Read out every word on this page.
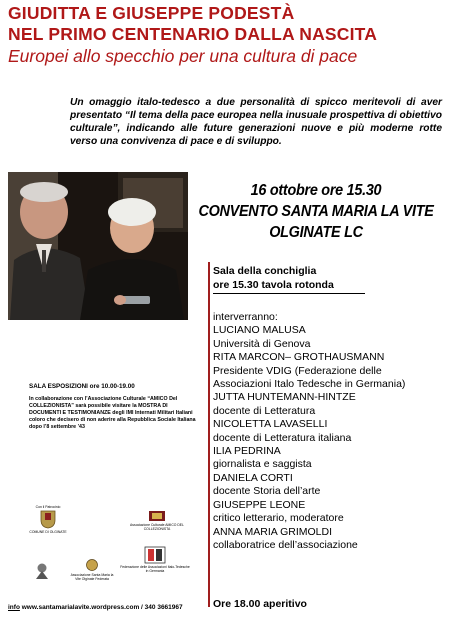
GIUDITTA E GIUSEPPE PODESTÀ
NEL PRIMO CENTENARIO DALLA NASCITA
Europei allo specchio per una cultura di pace
Un omaggio italo-tedesco a due personalità di spicco meritevoli di aver presentato “Il tema della pace europea nella inusuale prospettiva di obiettivo culturale”, indicando alle future generazioni nuove e più moderne rotte verso una convivenza di pace e di sviluppo.
16 ottobre ore 15.30
CONVENTO SANTA MARIA LA VITE
OLGINATE LC
Sala della conchiglia
ore 15.30 tavola rotonda
interverranno:
LUCIANO MALUSA
Università di Genova
RITA MARCON– GROTHAUSMANN
Presidente VDIG (Federazione delle
Associazioni Italo Tedesche in Germania)
JUTTA HUNTEMANN-HINTZE
docente di Letteratura
NICOLETTA LAVASELLI
docente di Letteratura italiana
ILIA PEDRINA
giornalista e saggista
DANIELA CORTI
docente Storia dell’arte
GIUSEPPE LEONE
critico letterario, moderatore
ANNA MARIA GRIMOLDI
collaboratrice dell’associazione
Ore 18.00 aperitivo
SALA ESPOSIZIONI ore 10.00-19.00
In collaborazione con l’Associazione Culturale “AMICO Del COLLEZIONISTA” sarà possibile visitare la MOSTRA DI DOCUMENTI E TESTIMONIANZE degli IMI Internati Militari Italiani coloro che decisero di non aderire alla Repubblica Sociale Italiana dopo l’8 settembre ’43
Con il Patrocinio
COMUNE DI OLGINATE
Associazione Culturale AMICO DEL COLLEZIONISTA
Associazione Santa Maria la Vite Olginate Federata
Federazione delle Associazioni Italo-Tedesche in Germania
info www.santamarialavite.wordpress.com / 340 3661967
